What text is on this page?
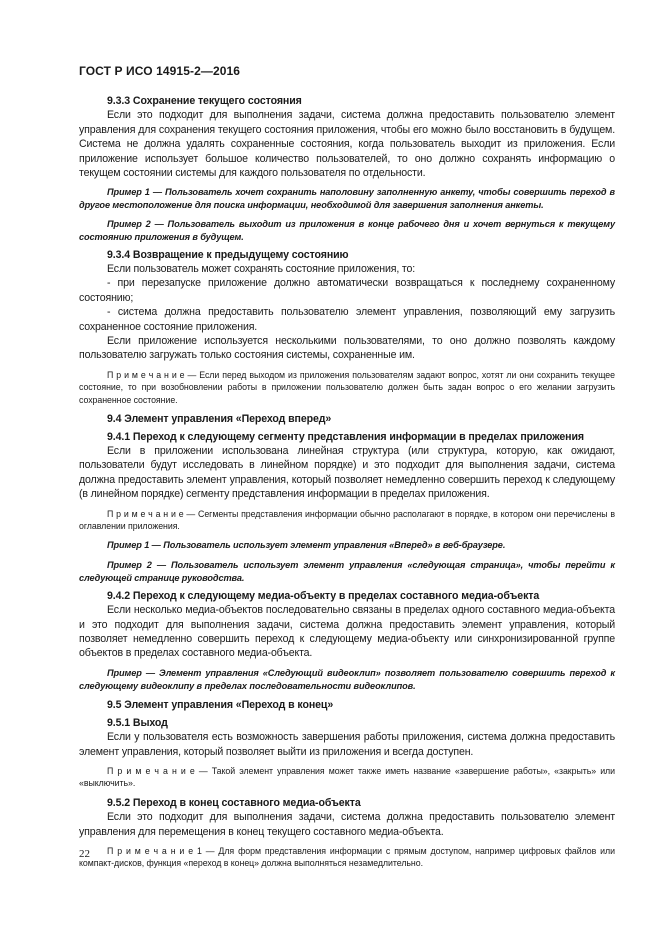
ГОСТ Р ИСО 14915-2—2016

9.3.3 Сохранение текущего состояния

Если это подходит для выполнения задачи, система должна предоставить пользователю элемент управления для сохранения текущего состояния приложения, чтобы его можно было восстановить в будущем. Система не должна удалять сохраненные состояния, когда пользователь выходит из приложения. Если приложение использует большое количество пользователей, то оно должно сохранять информацию о текущем состоянии системы для каждого пользователя по отдельности.

Пример 1 — Пользователь хочет сохранить наполовину заполненную анкету, чтобы совершить переход в другое местоположение для поиска информации, необходимой для завершения заполнения анкеты.

Пример 2 — Пользователь выходит из приложения в конце рабочего дня и хочет вернуться к текущему состоянию приложения в будущем.

9.3.4 Возвращение к предыдущему состоянию

Если пользователь может сохранять состояние приложения, то:

- при перезапуске приложение должно автоматически возвращаться к последнему сохраненному состоянию;

- система должна предоставить пользователю элемент управления, позволяющий ему загрузить сохраненное состояние приложения.

Если приложение используется несколькими пользователями, то оно должно позволять каждому пользователю загружать только состояния системы, сохраненные им.

П р и м е ч а н и е — Если перед выходом из приложения пользователям задают вопрос, хотят ли они сохранить текущее состояние, то при возобновлении работы в приложении пользователю должен быть задан вопрос о его желании загрузить сохраненное состояние.

9.4 Элемент управления «Переход вперед»

9.4.1 Переход к следующему сегменту представления информации в пределах приложения

Если в приложении использована линейная структура (или структура, которую, как ожидают, пользователи будут исследовать в линейном порядке) и это подходит для выполнения задачи, система должна предоставить элемент управления, который позволяет немедленно совершить переход к следующему (в линейном порядке) сегменту представления информации в пределах приложения.

П р и м е ч а н и е — Сегменты представления информации обычно располагают в порядке, в котором они перечислены в оглавлении приложения.

Пример 1 — Пользователь использует элемент управления «Вперед» в веб-браузере.

Пример 2 — Пользователь использует элемент управления «следующая страница», чтобы перейти к следующей странице руководства.

9.4.2 Переход к следующему медиа-объекту в пределах составного медиа-объекта

Если несколько медиа-объектов последовательно связаны в пределах одного составного медиа-объекта и это подходит для выполнения задачи, система должна предоставить элемент управления, который позволяет немедленно совершить переход к следующему медиа-объекту или синхронизированной группе объектов в пределах составного медиа-объекта.

Пример — Элемент управления «Следующий видеоклип» позволяет пользователю совершить переход к следующему видеоклипу в пределах последовательности видеоклипов.

9.5 Элемент управления «Переход в конец»

9.5.1 Выход

Если у пользователя есть возможность завершения работы приложения, система должна предоставить элемент управления, который позволяет выйти из приложения и всегда доступен.

П р и м е ч а н и е — Такой элемент управления может также иметь название «завершение работы», «закрыть» или «выключить».

9.5.2 Переход в конец составного медиа-объекта

Если это подходит для выполнения задачи, система должна предоставить пользователю элемент управления для перемещения в конец текущего составного медиа-объекта.

П р и м е ч а н и е 1 — Для форм представления информации с прямым доступом, например цифровых файлов или компакт-дисков, функция «переход в конец» должна выполняться незамедлительно.

22
